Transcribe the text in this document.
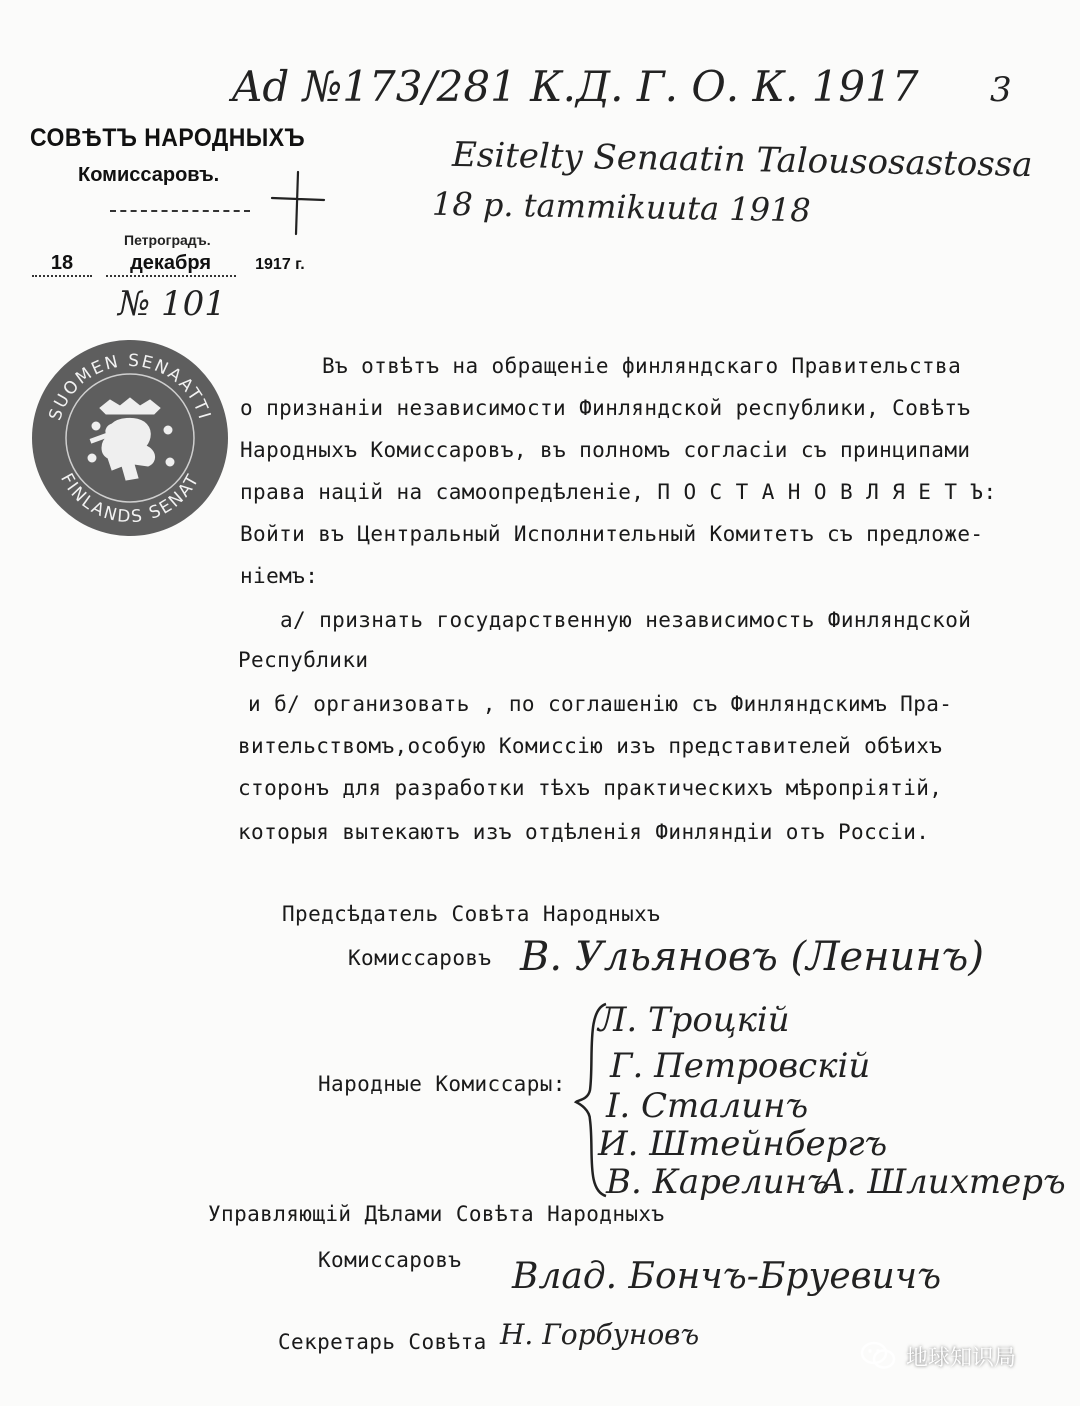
Ad №173/281 К.Д. Г. О. К. 1917 3
Esitelty Senaatin Talousosastossa
18 p. tammikuuta 1918
СОВѢТЪ НАРОДНЫХЪ
Комиссаровъ.
Петроградъ.
18	декабря	1917 г.
№ 101
SUOMEN SENAATTI
FINLANDS SENAT
Въ отвѣтъ на обращеніе финляндскаго Правительства
о признаніи независимости Финляндской республики, Совѣтъ
Народныхъ Комиссаровъ, въ полномъ согласіи съ принципами
права націй на самоопредѣленіе, П О С Т А Н О В Л Я Е Т Ъ:
Войти въ Центральный Исполнительный Комитетъ съ предложе-
ніемъ:
а/ признать государственную независимость Финляндской
Республики
и б/ организовать , по соглашенію съ Финляндскимъ Пра-
вительствомъ,особую Комиссію изъ представителей обѣихъ
сторонъ для разработки тѣхъ практическихъ мѣропріятій,
которыя вытекаютъ изъ отдѣленія Финляндіи отъ Россіи.
Предсѣдатель Совѣта Народныхъ
Комиссаровъ В. Ульяновъ (Ленинъ)
Народные Комиссары:
Л. Троцкій
Г. Петровскій
І. Сталинъ
И. Штейнбергъ
В. Карелинъ
А. Шлихтеръ
Управляющій Дѣлами Совѣта Народныхъ
Комиссаровъ Влад. Бончъ-Бруевичъ
Секретарь Совѣта Н. Горбуновъ
地球知识局
